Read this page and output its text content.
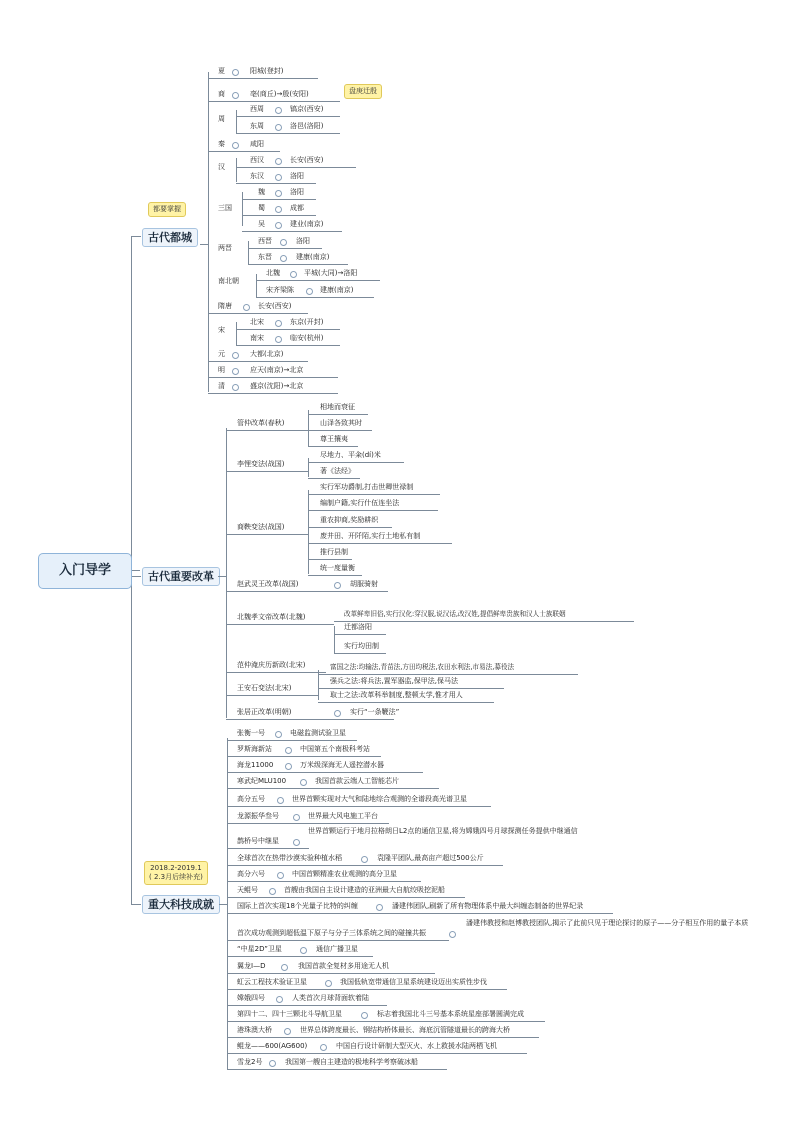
入门导学
古代都城
古代重要改革
重大科技成就
都要掌握
盘庚迁殷
2018.2-2019.1
( 2.3月后续补充)
夏	阳城(登封)
商	亳(商丘)→殷(安阳)
周
西周	镐京(西安)
东周	洛邑(洛阳)
秦	咸阳
汉
西汉	长安(西安)
东汉	洛阳
三国
魏	洛阳
蜀	成都
吴	建业(南京)
两晋
西晋	洛阳
东晋	建康(南京)
南北朝
北魏	平城(大同)→洛阳
宋齐梁陈	建康(南京)
隋唐	长安(西安)
宋
北宋	东京(开封)
南宋	临安(杭州)
元	大都(北京)
明	应天(南京)→北京
清	盛京(沈阳)→北京
管仲改革(春秋)
相地而衰征
山泽各致其时
尊王攘夷
李悝变法(战国)
尽地力、平籴(dí)米
著《法经》
商鞅变法(战国)
实行军功爵制,打击世卿世禄制
编制户籍,实行什伍连坐法
重农抑商,奖励耕织
废井田、开阡陌,实行土地私有制
推行县制
统一度量衡
赵武灵王改革(战国)	胡服骑射
北魏孝文帝改革(北魏)
迁都洛阳
改革鲜卑旧俗,实行汉化:穿汉服,说汉话,改汉姓,提倡鲜卑贵族和汉人士族联姻
实行均田制
范仲淹庆历新政(北宋)
王安石变法(北宋)
富国之法:均输法,青苗法,方田均税法,农田水利法,市易法,募役法
强兵之法:将兵法,置军器监,保甲法,保马法
取士之法:改革科举制度,整顿太学,惟才用人
张居正改革(明朝)	实行“一条鞭法”
张衡一号	电磁监测试验卫星
罗斯海新站	中国第五个南极科考站
海龙11000	万米级深海无人遥控潜水器
寒武纪MLU100	我国首款云端人工智能芯片
高分五号	世界首颗实现对大气和陆地综合观测的全谱段高光谱卫星
龙源振华叁号	世界最大风电施工平台
鹊桥号中继星
世界首颗运行于地月拉格朗日L2点的通信卫星,将为嫦娥四号月球探测任务提供中继通信
全球首次在热带沙漠实验种植水稻	袁隆平团队,最高亩产超过500公斤
高分六号	中国首颗精准农业观测的高分卫星
天鲲号	首艘由我国自主设计建造的亚洲最大自航绞吸挖泥船
国际上首次实现18个光量子比特的纠缠	潘建伟团队,刷新了所有物理体系中最大纠缠态制备的世界纪录
首次成功观测到超低温下原子与分子三体系统之间的碰撞共振
潘建伟教授和赵博教授团队,揭示了此前只见于理论探讨的原子——分子相互作用的量子本质
“中星2D”卫星	通信广播卫星
翼龙Ⅰ—D	我国首款全复材多用途无人机
虹云工程技术验证卫星	我国低轨宽带通信卫星系统建设迈出实质性步伐
嫦娥四号	人类首次月球背面软着陆
第四十二、四十三颗北斗导航卫星	标志着我国北斗三号基本系统星座部署圆满完成
港珠澳大桥	世界总体跨度最长、钢结构桥体最长、海底沉管隧道最长的跨海大桥
鲲龙——600(AG600)	中国自行设计研制大型灭火、水上救援水陆两栖飞机
雪龙2号	我国第一艘自主建造的极地科学考察破冰船
